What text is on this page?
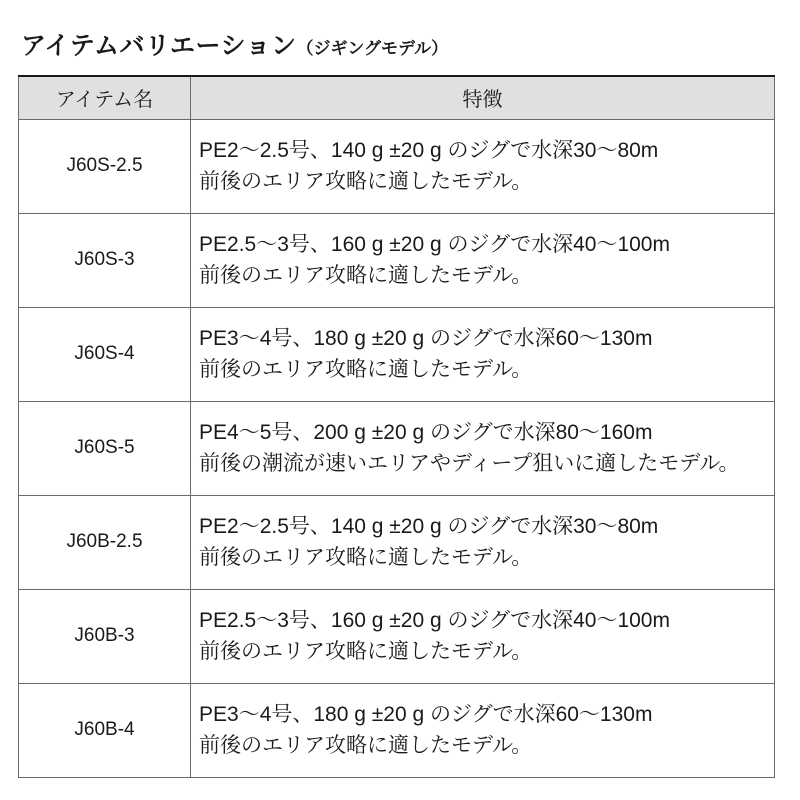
アイテムバリエーション（ジギングモデル）
アイテム名	特徴
J60S-2.5	PE2～2.5号、140 g ±20 g のジグで水深30～80m
前後のエリア攻略に適したモデル。

J60S-3	PE2.5～3号、160 g ±20 g のジグで水深40～100m
前後のエリア攻略に適したモデル。

J60S-4	PE3～4号、180 g ±20 g のジグで水深60～130m
前後のエリア攻略に適したモデル。

J60S-5	PE4～5号、200 g ±20 g のジグで水深80～160m
前後の潮流が速いエリアやディープ狙いに適したモデル。

J60B-2.5	PE2～2.5号、140 g ±20 g のジグで水深30～80m
前後のエリア攻略に適したモデル。

J60B-3	PE2.5～3号、160 g ±20 g のジグで水深40～100m
前後のエリア攻略に適したモデル。

J60B-4	PE3～4号、180 g ±20 g のジグで水深60～130m
前後のエリア攻略に適したモデル。
